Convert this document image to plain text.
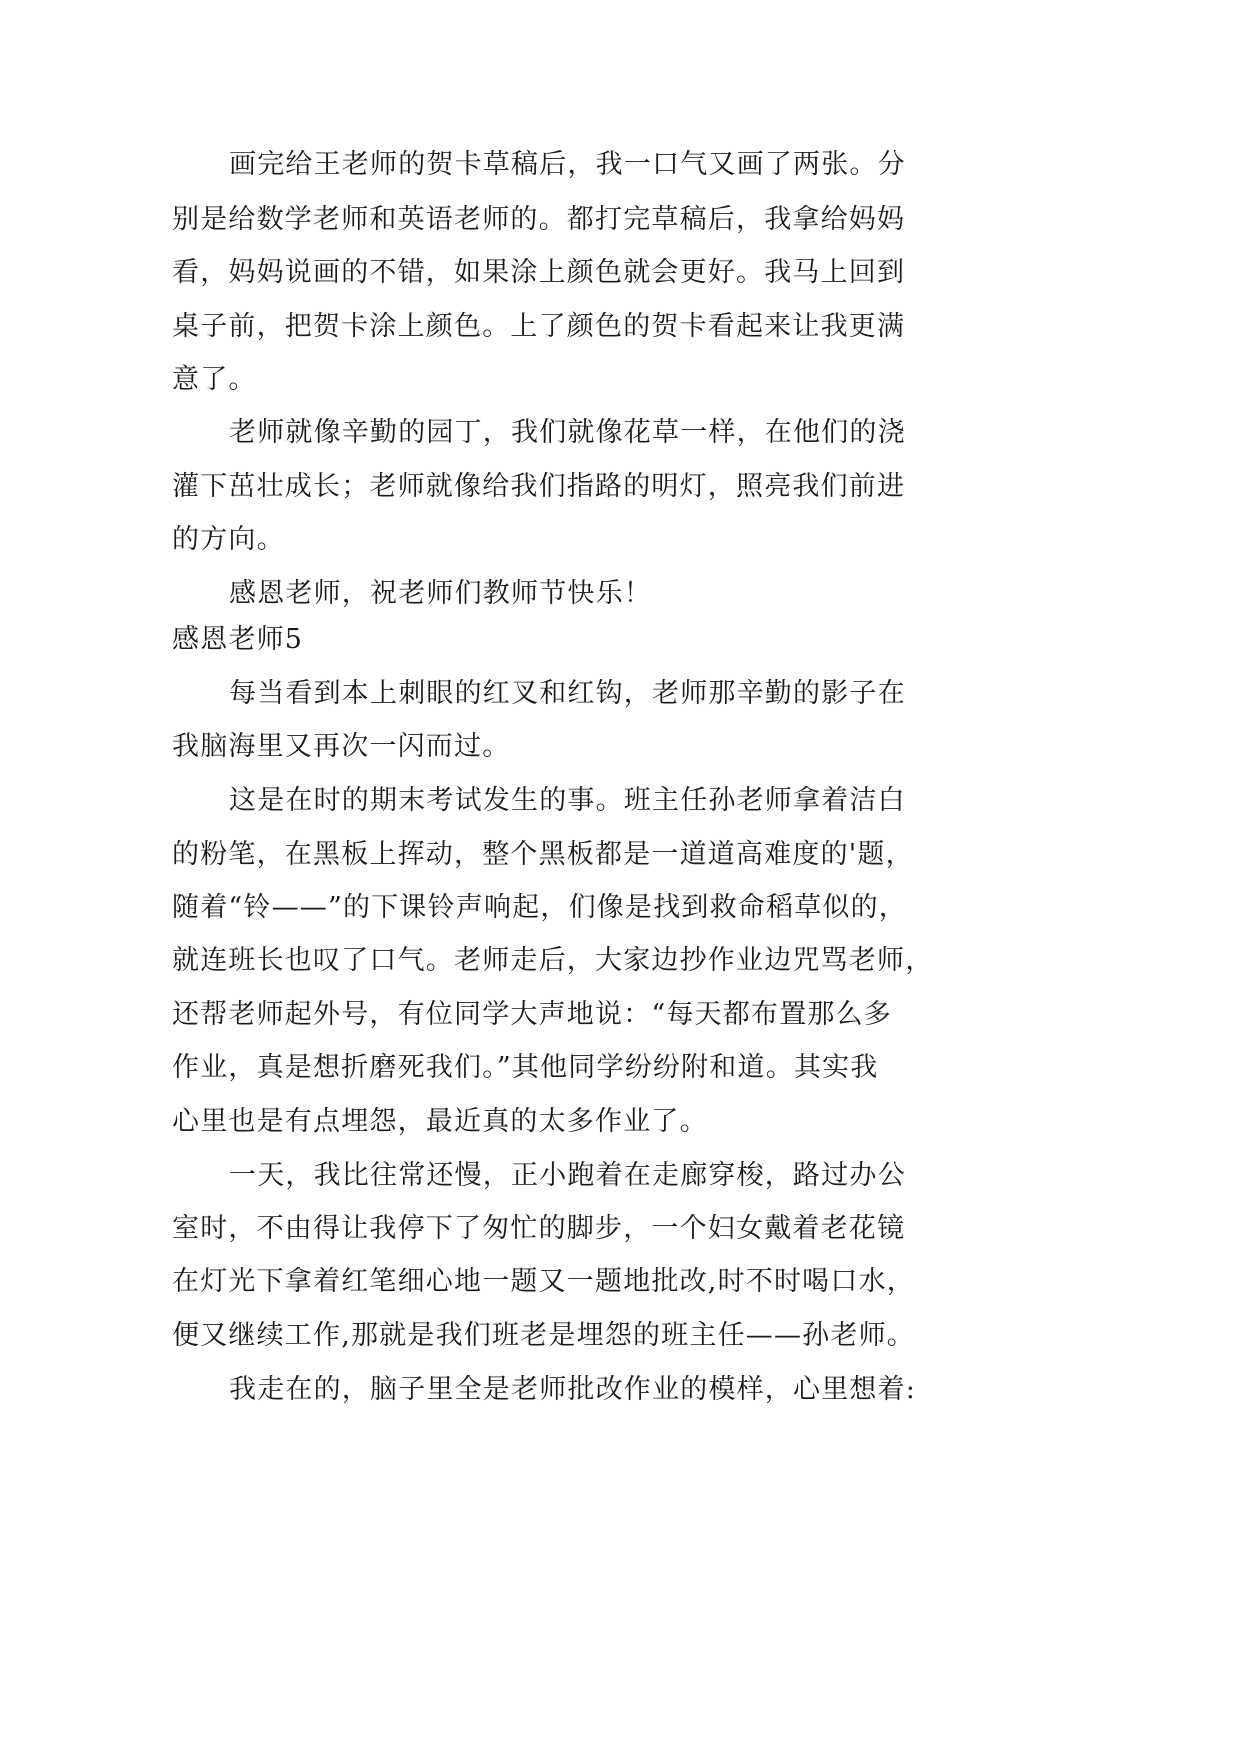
画完给王老师的贺卡草稿后，我一口气又画了两张。分
别是给数学老师和英语老师的。都打完草稿后，我拿给妈妈
看，妈妈说画的不错，如果涂上颜色就会更好。我马上回到
桌子前，把贺卡涂上颜色。上了颜色的贺卡看起来让我更满
意了。
老师就像辛勤的园丁，我们就像花草一样，在他们的浇
灌下茁壮成长；老师就像给我们指路的明灯，照亮我们前进
的方向。
感恩老师，祝老师们教师节快乐！
感恩老师5
每当看到本上刺眼的红叉和红钩，老师那辛勤的影子在
我脑海里又再次一闪而过。
这是在时的期末考试发生的事。班主任孙老师拿着洁白
的粉笔，在黑板上挥动，整个黑板都是一道道高难度的'题，
随着“铃——”的下课铃声响起，们像是找到救命稻草似的，
就连班长也叹了口气。老师走后，大家边抄作业边咒骂老师，
还帮老师起外号，有位同学大声地说：“每天都布置那么多
作业，真是想折磨死我们。”其他同学纷纷附和道。其实我
心里也是有点埋怨，最近真的太多作业了。
一天，我比往常还慢，正小跑着在走廊穿梭，路过办公
室时，不由得让我停下了匆忙的脚步，一个妇女戴着老花镜
在灯光下拿着红笔细心地一题又一题地批改,时不时喝口水，
便又继续工作,那就是我们班老是埋怨的班主任——孙老师。
我走在的，脑子里全是老师批改作业的模样，心里想着:
